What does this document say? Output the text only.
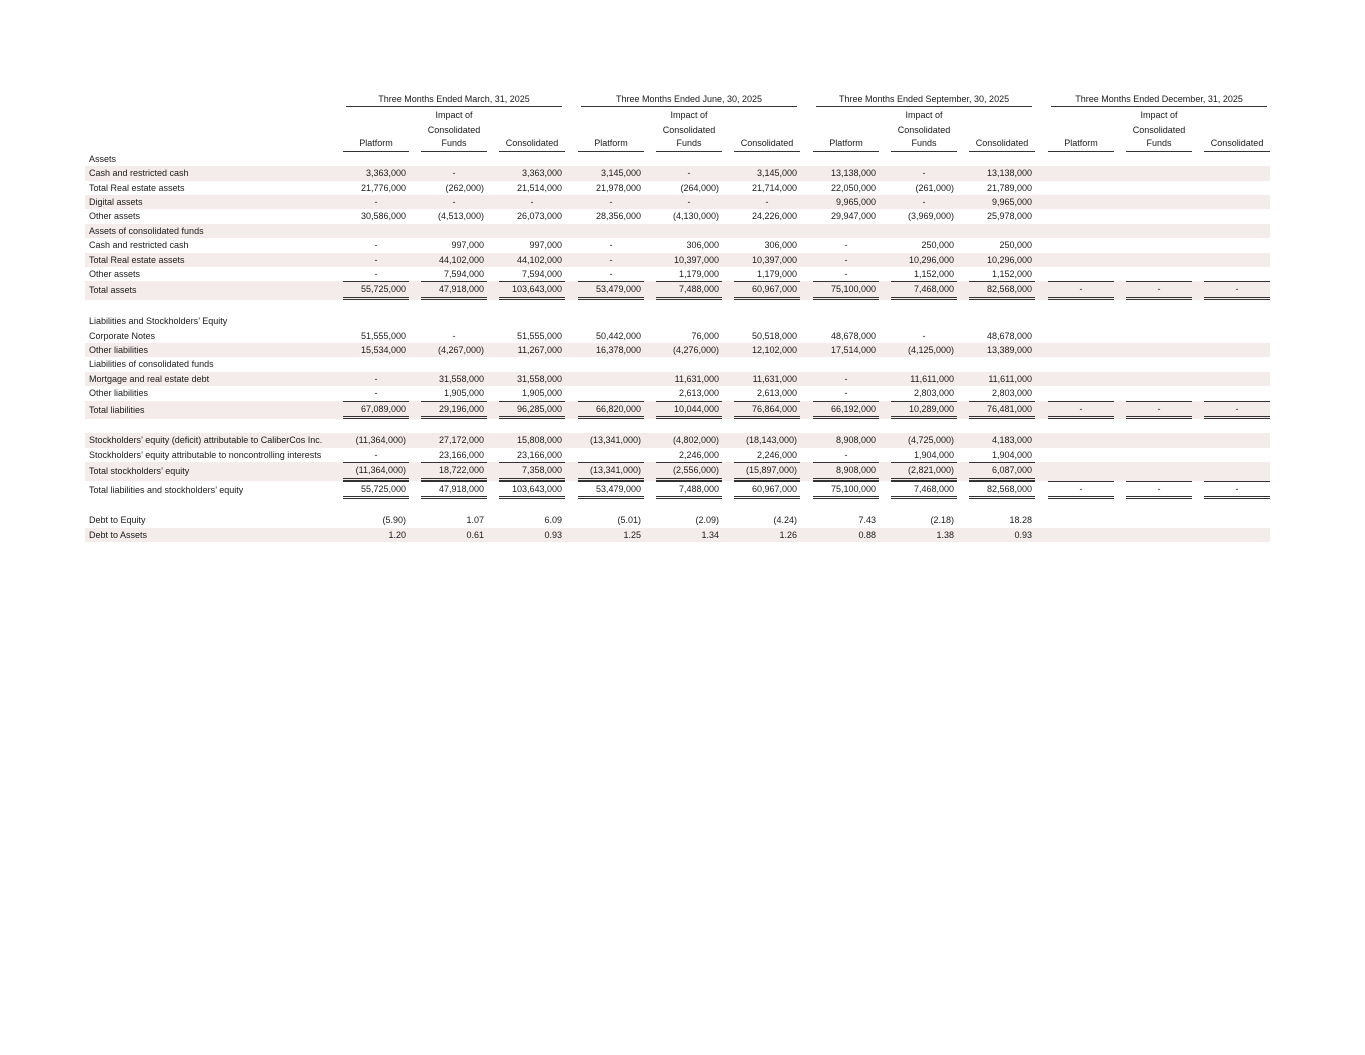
	Three Months Ended March, 31, 2025						Three Months Ended June, 30, 2025						Three Months Ended September, 30, 2025						Three Months Ended December, 31, 2025				

			Impact of						Impact of						Impact of						Impact of		
			Consolidated						Consolidated						Consolidated						Consolidated		
	Platform		Funds		Consolidated		Platform		Funds		Consolidated		Platform		Funds		Consolidated		Platform		Funds		Consolidated
Assets																							
Cash and restricted cash	3,363,000		-		3,363,000		3,145,000		-		3,145,000		13,138,000		-		13,138,000						
Total Real estate assets	21,776,000		(262,000)		21,514,000		21,978,000		(264,000)		21,714,000		22,050,000		(261,000)		21,789,000						
Digital assets	-		-		-		-		-		-		9,965,000		-		9,965,000						
Other assets	30,586,000		(4,513,000)		26,073,000		28,356,000		(4,130,000)		24,226,000		29,947,000		(3,969,000)		25,978,000						
Assets of consolidated funds																							
Cash and restricted cash	-		997,000		997,000		-		306,000		306,000		-		250,000		250,000						
Total Real estate assets	-		44,102,000		44,102,000		-		10,397,000		10,397,000		-		10,296,000		10,296,000						
Other assets	-		7,594,000		7,594,000		-		1,179,000		1,179,000		-		1,152,000		1,152,000						
Total assets	55,725,000		47,918,000		103,643,000		53,479,000		7,488,000		60,967,000		75,100,000		7,468,000		82,568,000		-		-		-

Liabilities and Stockholders’ Equity																							
Corporate Notes	51,555,000		-		51,555,000		50,442,000		76,000		50,518,000		48,678,000		-		48,678,000						
Other liabilities	15,534,000		(4,267,000)		11,267,000		16,378,000		(4,276,000)		12,102,000		17,514,000		(4,125,000)		13,389,000						
Liabilities of consolidated funds																							
Mortgage and real estate debt	-		31,558,000		31,558,000				11,631,000		11,631,000		-		11,611,000		11,611,000						
Other liabilities	-		1,905,000		1,905,000				2,613,000		2,613,000		-		2,803,000		2,803,000						
Total liabilities	67,089,000		29,196,000		96,285,000		66,820,000		10,044,000		76,864,000		66,192,000		10,289,000		76,481,000		-		-		-

Stockholders’ equity (deficit) attributable to CaliberCos Inc.	(11,364,000)		27,172,000		15,808,000		(13,341,000)		(4,802,000)		(18,143,000)		8,908,000		(4,725,000)		4,183,000						
Stockholders’ equity attributable to noncontrolling interests	-		23,166,000		23,166,000				2,246,000		2,246,000		-		1,904,000		1,904,000						
Total stockholders’ equity	(11,364,000)		18,722,000		7,358,000		(13,341,000)		(2,556,000)		(15,897,000)		8,908,000		(2,821,000)		6,087,000						
Total liabilities and stockholders’ equity	55,725,000		47,918,000		103,643,000		53,479,000		7,488,000		60,967,000		75,100,000		7,468,000		82,568,000		-		-		-

Debt to Equity	(5.90)		1.07		6.09		(5.01)		(2.09)		(4.24)		7.43		(2.18)		18.28						
Debt to Assets	1.20		0.61		0.93		1.25		1.34		1.26		0.88		1.38		0.93						
